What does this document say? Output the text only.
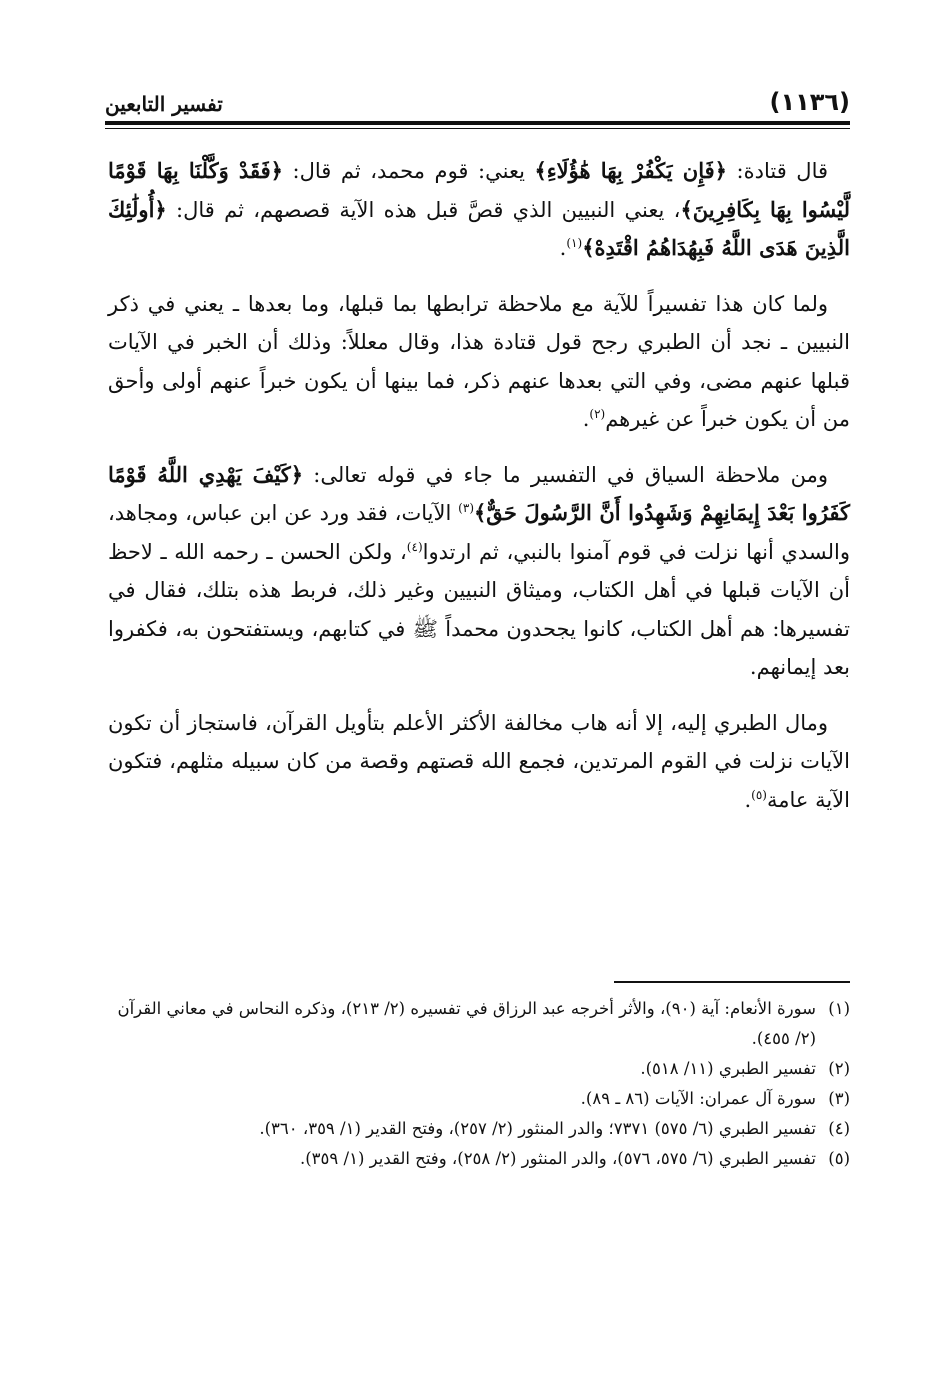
(١١٣٦)
تفسير التابعين

قال قتادة: ﴿فَإِن يَكْفُرْ بِهَا هَٰؤُلَاءِ﴾ يعني: قوم محمد، ثم قال: ﴿فَقَدْ وَكَّلْنَا بِهَا قَوْمًا لَّيْسُوا بِهَا بِكَافِرِينَ﴾، يعني النبيين الذي قصَّ قبل هذه الآية قصصهم، ثم قال: ﴿أُولَٰئِكَ الَّذِينَ هَدَى اللَّهُ فَبِهُدَاهُمُ اقْتَدِهْ﴾$^{(١)}$.

ولما كان هذا تفسيراً للآية مع ملاحظة ترابطها بما قبلها، وما بعدها ـ يعني في ذكر النبيين ـ نجد أن الطبري رجح قول قتادة هذا، وقال معللاً: وذلك أن الخبر في الآيات قبلها عنهم مضى، وفي التي بعدها عنهم ذكر، فما بينها أن يكون خبراً عنهم أولى وأحق من أن يكون خبراً عن غيرهم$^{(٢)}$.

ومن ملاحظة السياق في التفسير ما جاء في قوله تعالى: ﴿كَيْفَ يَهْدِي اللَّهُ قَوْمًا كَفَرُوا بَعْدَ إِيمَانِهِمْ وَشَهِدُوا أَنَّ الرَّسُولَ حَقٌّ﴾$^{(٣)}$ الآيات، فقد ورد عن ابن عباس، ومجاهد، والسدي أنها نزلت في قوم آمنوا بالنبي، ثم ارتدوا$^{(٤)}$، ولكن الحسن ـ رحمه الله ـ لاحظ أن الآيات قبلها في أهل الكتاب، وميثاق النبيين وغير ذلك، فربط هذه بتلك، فقال في تفسيرها: هم أهل الكتاب، كانوا يجحدون محمداً ﷺ في كتابهم، ويستفتحون به، فكفروا بعد إيمانهم.

ومال الطبري إليه، إلا أنه هاب مخالفة الأكثر الأعلم بتأويل القرآن، فاستجاز أن تكون الآيات نزلت في القوم المرتدين، فجمع الله قصتهم وقصة من كان سبيله مثلهم، فتكون الآية عامة$^{(٥)}$.

(١)سورة الأنعام: آية (٩٠)، والأثر أخرجه عبد الرزاق في تفسيره (٢/ ٢١٣)، وذكره النحاس في معاني القرآن (٢/ ٤٥٥).

(٢)تفسير الطبري (١١/ ٥١٨).

(٣)سورة آل عمران: الآيات (٨٦ ـ ٨٩).

(٤)تفسير الطبري (٦/ ٥٧٥) ٧٣٧١؛ والدر المنثور (٢/ ٢٥٧)، وفتح القدير (١/ ٣٥٩، ٣٦٠).

(٥)تفسير الطبري (٦/ ٥٧٥، ٥٧٦)، والدر المنثور (٢/ ٢٥٨)، وفتح القدير (١/ ٣٥٩).
